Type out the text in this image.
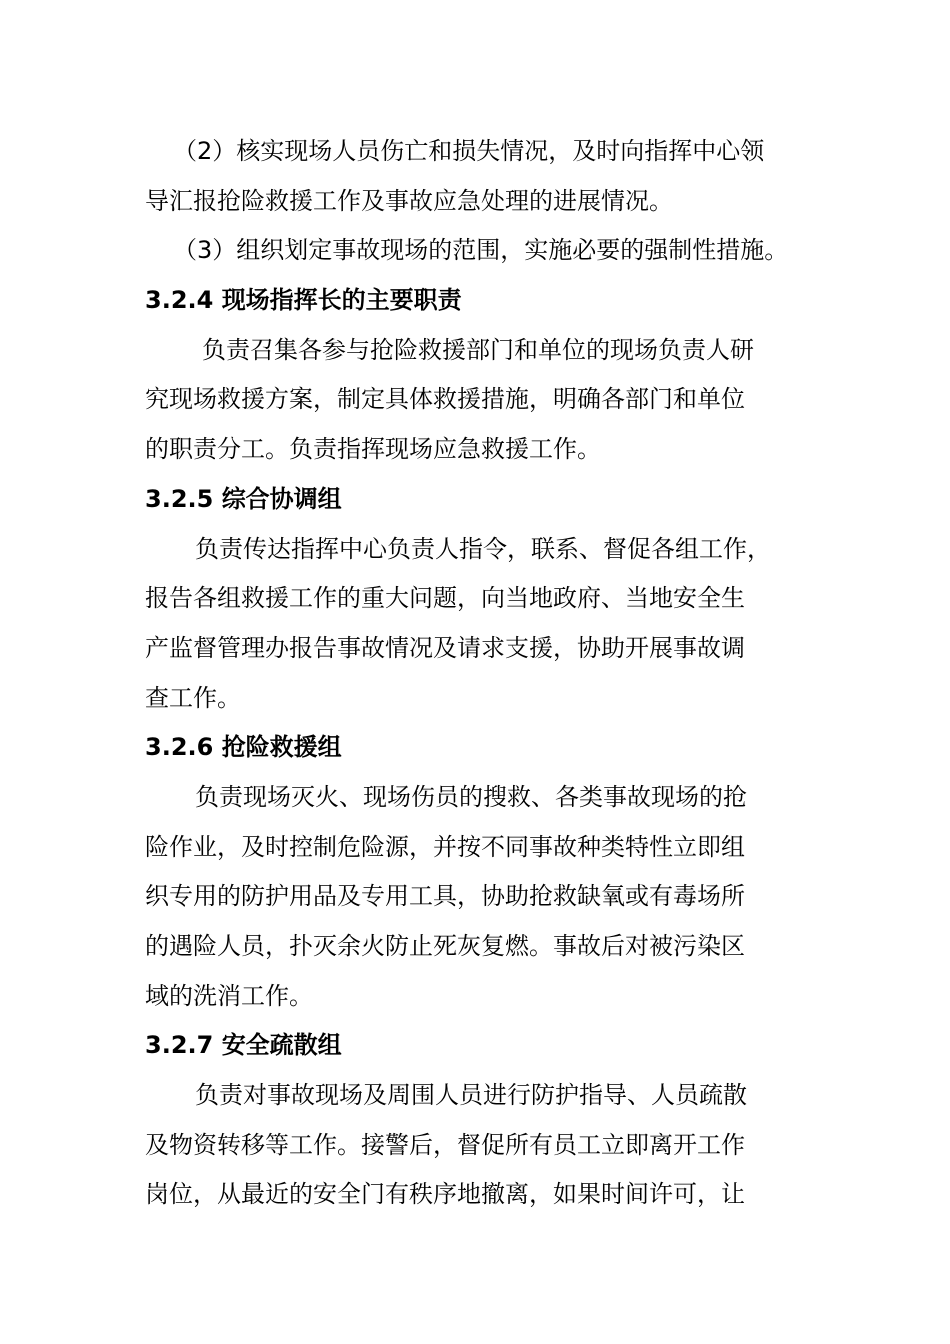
（2）核实现场人员伤亡和损失情况，及时向指挥中心领
导汇报抢险救援工作及事故应急处理的进展情况。
（3）组织划定事故现场的范围，实施必要的强制性措施。
3.2.4 现场指挥长的主要职责
负责召集各参与抢险救援部门和单位的现场负责人研
究现场救援方案，制定具体救援措施，明确各部门和单位
的职责分工。负责指挥现场应急救援工作。
3.2.5 综合协调组
负责传达指挥中心负责人指令，联系、督促各组工作，
报告各组救援工作的重大问题，向当地政府、当地安全生
产监督管理办报告事故情况及请求支援，协助开展事故调
查工作。
3.2.6 抢险救援组
负责现场灭火、现场伤员的搜救、各类事故现场的抢
险作业，及时控制危险源，并按不同事故种类特性立即组
织专用的防护用品及专用工具，协助抢救缺氧或有毒场所
的遇险人员，扑灭余火防止死灰复燃。事故后对被污染区
域的洗消工作。
3.2.7 安全疏散组
负责对事故现场及周围人员进行防护指导、人员疏散
及物资转移等工作。接警后，督促所有员工立即离开工作
岗位，从最近的安全门有秩序地撤离，如果时间许可，让
